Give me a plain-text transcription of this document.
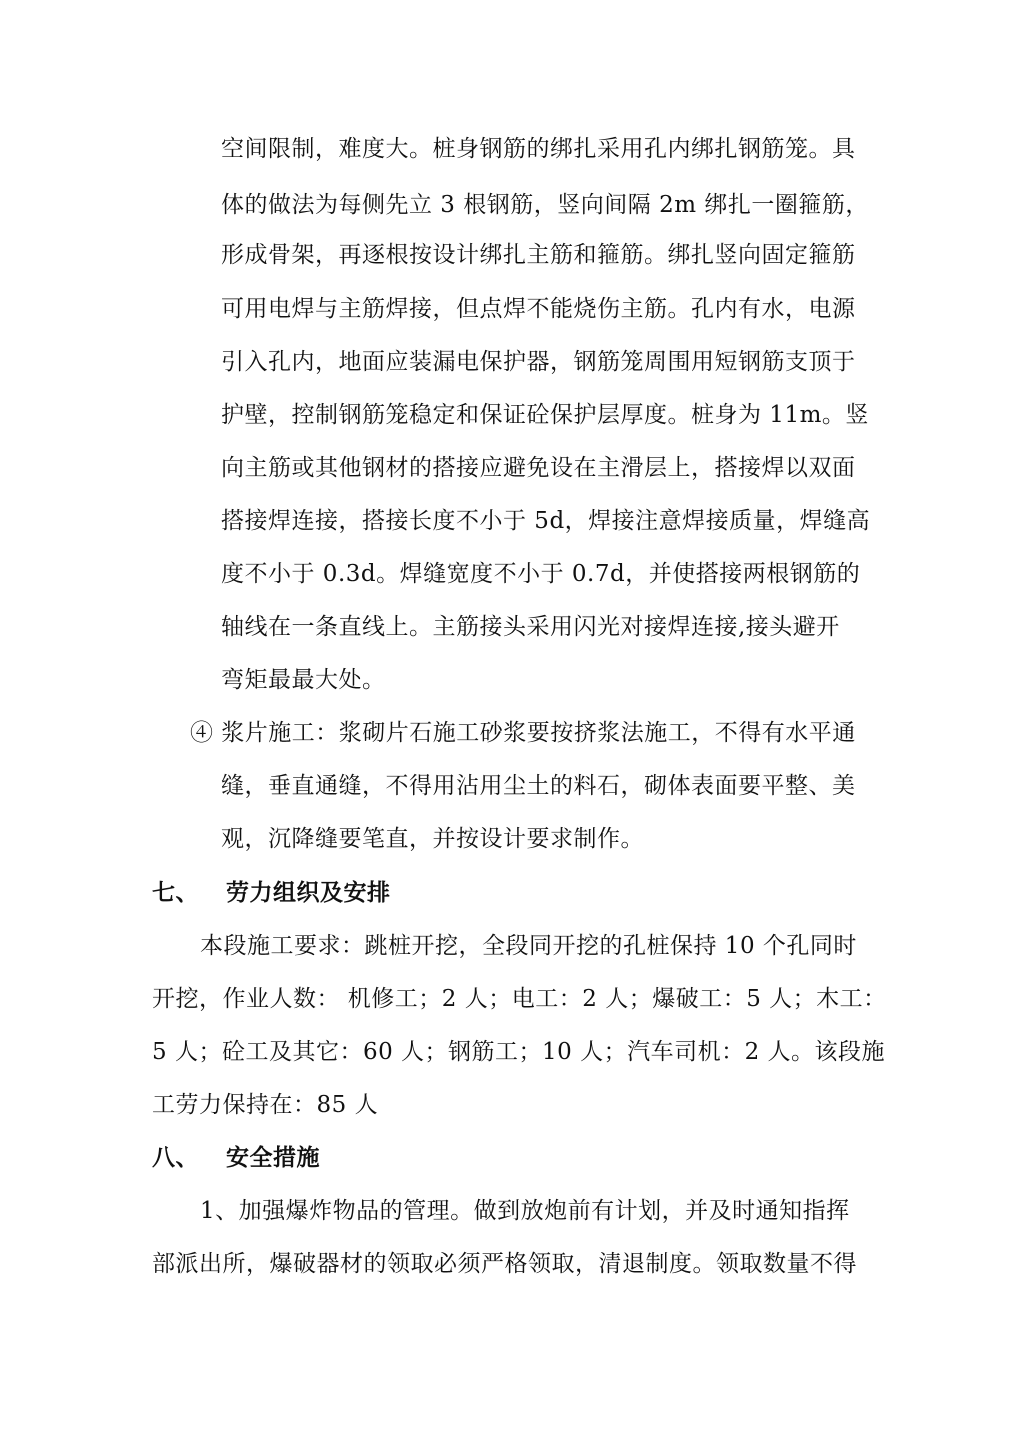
空间限制，难度大。桩身钢筋的绑扎采用孔内绑扎钢筋笼。具
体的做法为每侧先立 3 根钢筋，竖向间隔 2m 绑扎一圈箍筋，
形成骨架，再逐根按设计绑扎主筋和箍筋。绑扎竖向固定箍筋
可用电焊与主筋焊接，但点焊不能烧伤主筋。孔内有水，电源
引入孔内，地面应装漏电保护器，钢筋笼周围用短钢筋支顶于
护壁，控制钢筋笼稳定和保证砼保护层厚度。桩身为 11m。竖
向主筋或其他钢材的搭接应避免设在主滑层上，搭接焊以双面
搭接焊连接，搭接长度不小于 5d，焊接注意焊接质量，焊缝高
度不小于 0.3d。焊缝宽度不小于 0.7d，并使搭接两根钢筋的
轴线在一条直线上。主筋接头采用闪光对接焊连接,接头避开
弯矩最最大处。
④ 浆片施工：浆砌片石施工砂浆要按挤浆法施工，不得有水平通
缝，垂直通缝，不得用沾用尘土的料石，砌体表面要平整、美
观，沉降缝要笔直，并按设计要求制作。
七、 劳力组织及安排
本段施工要求：跳桩开挖，全段同开挖的孔桩保持 10 个孔同时
开挖，作业人数： 机修工；2 人；电工：2 人；爆破工：5 人；木工：
5 人；砼工及其它：60 人；钢筋工；10 人；汽车司机：2 人。该段施
工劳力保持在：85 人
八、 安全措施
1、加强爆炸物品的管理。做到放炮前有计划，并及时通知指挥
部派出所，爆破器材的领取必须严格领取，清退制度。领取数量不得
